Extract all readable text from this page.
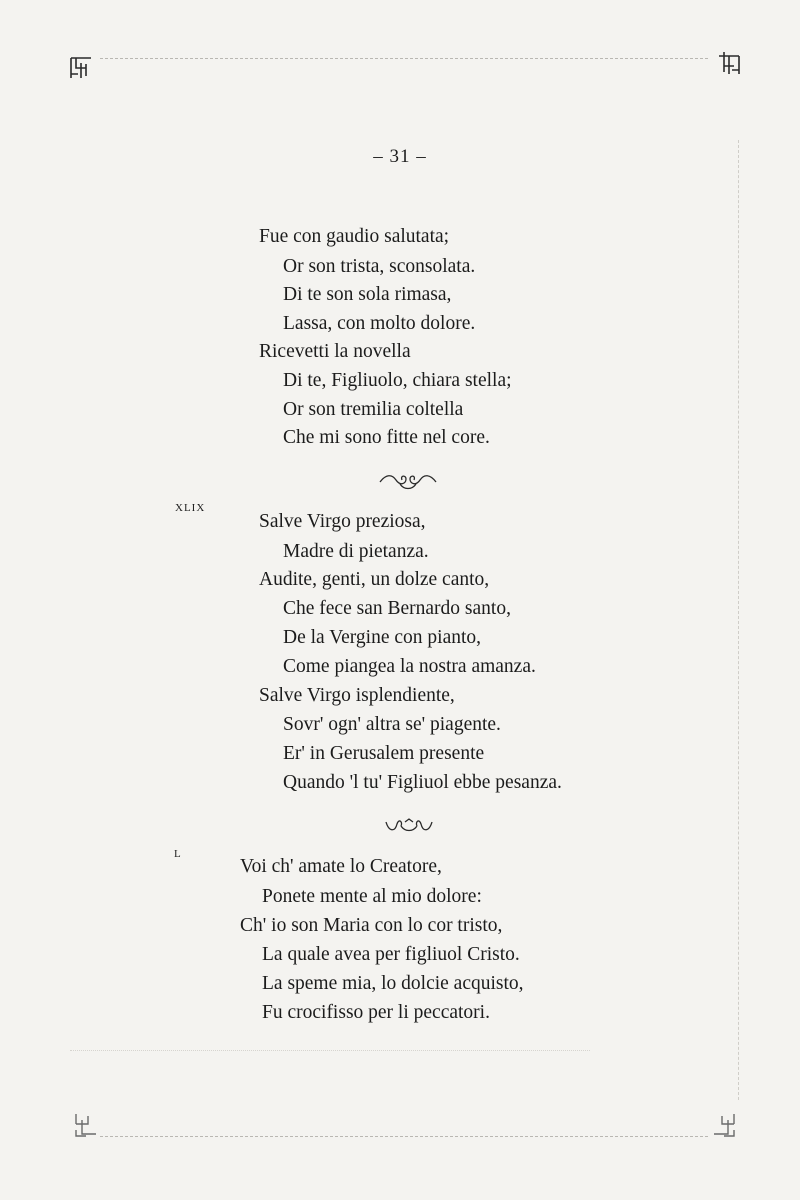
– 31 –
Fue con gaudio salutata;
Or son trista, sconsolata.
Di te son sola rimasa,
Lassa, con molto dolore.
Ricevetti la novella
Di te, Figliuolo, chiara stella;
Or son tremilia coltella
Che mi sono fitte nel core.
XLIX
Salve Virgo preziosa,
Madre di pietanza.
Audite, genti, un dolze canto,
Che fece san Bernardo santo,
De la Vergine con pianto,
Come piangea la nostra amanza.
Salve Virgo isplendiente,
Sovr' ogn' altra se' piagente.
Er' in Gerusalem presente
Quando 'l tu' Figliuol ebbe pesanza.
L
Voi ch' amate lo Creatore,
Ponete mente al mio dolore:
Ch' io son Maria con lo cor tristo,
La quale avea per figliuol Cristo.
La speme mia, lo dolcie acquisto,
Fu crocifisso per li peccatori.
